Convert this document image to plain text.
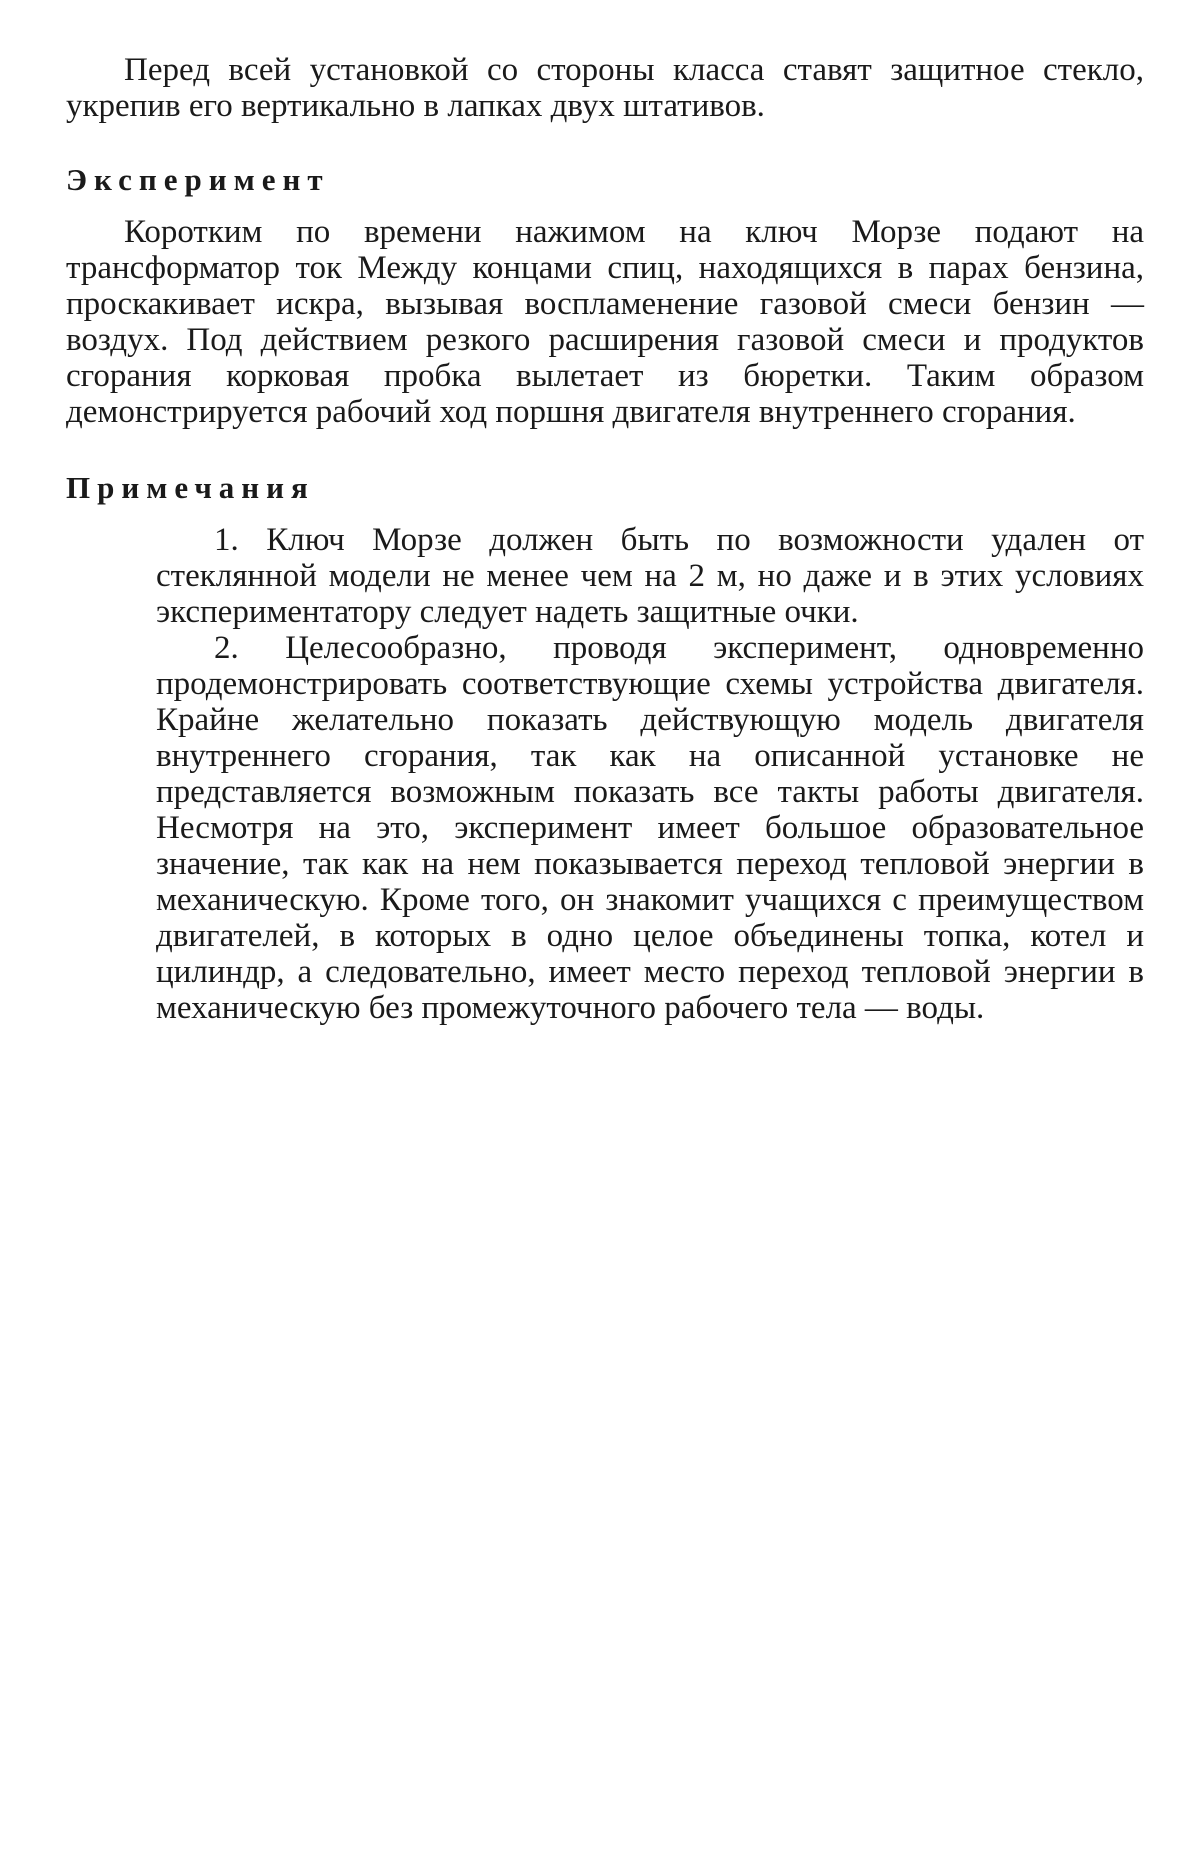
Перед всей установкой со стороны класса ставят защитное стекло, укрепив его вертикально в лапках двух штативов.

Эксперимент

Коротким по времени нажимом на ключ Морзе подают на трансформатор ток Между концами спиц, находящихся в парах бензина, проскакивает искра, вызывая воспламенение газовой смеси бензин — воздух. Под действием резкого расширения газовой смеси и продуктов сгорания корковая пробка вылетает из бюретки. Таким образом демонстрируется рабочий ход поршня двигателя внутреннего сгорания.

Примечания
1. Ключ Морзе должен быть по возможности удален от стеклянной модели не менее чем на 2 м, но даже и в этих условиях экспериментатору следует надеть защитные очки.
2. Целесообразно, проводя эксперимент, одновременно продемонстрировать соответствующие схемы устройства двигателя. Крайне желательно показать действующую модель двигателя внутреннего сгорания, так как на описанной установке не представляется возможным показать все такты работы двигателя. Несмотря на это, эксперимент имеет большое образовательное значение, так как на нем показывается переход тепловой энергии в механическую. Кроме того, он знакомит учащихся с преимуществом двигателей, в которых в одно целое объединены топка, котел и цилиндр, а следовательно, имеет место переход тепловой энергии в механическую без промежуточного рабочего тела — воды.
